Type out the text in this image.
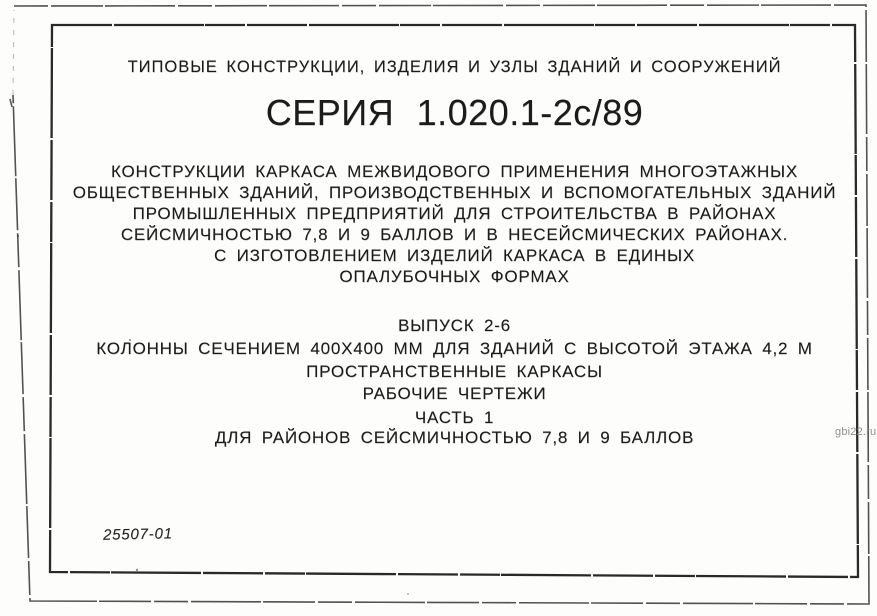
ТИПОВЫЕ КОНСТРУКЦИИ, ИЗДЕЛИЯ И УЗЛЫ ЗДАНИЙ И СООРУЖЕНИЙ
СЕРИЯ 1.020.1-2с/89
КОНСТРУКЦИИ КАРКАСА МЕЖВИДОВОГО ПРИМЕНЕНИЯ МНОГОЭТАЖНЫХ
ОБЩЕСТВЕННЫХ ЗДАНИЙ, ПРОИЗВОДСТВЕННЫХ И ВСПОМОГАТЕЛЬНЫХ ЗДАНИЙ
ПРОМЫШЛЕННЫХ ПРЕДПРИЯТИЙ ДЛЯ СТРОИТЕЛЬСТВА В РАЙОНАХ
СЕЙСМИЧНОСТЬЮ 7,8 И 9 БАЛЛОВ И В НЕСЕЙСМИЧЕСКИХ РАЙОНАХ.
С ИЗГОТОВЛЕНИЕМ ИЗДЕЛИЙ КАРКАСА В ЕДИНЫХ
ОПАЛУБОЧНЫХ ФОРМАХ
ВЫПУСК 2-6
КОЛОННЫ СЕЧЕНИЕМ 400Х400 ММ ДЛЯ ЗДАНИЙ С ВЫСОТОЙ ЭТАЖА 4,2 М
ПРОСТРАНСТВЕННЫЕ КАРКАСЫ
РАБОЧИЕ ЧЕРТЕЖИ
ЧАСТЬ 1
ДЛЯ РАЙОНОВ СЕЙСМИЧНОСТЬЮ 7,8 И 9 БАЛЛОВ
25507-01
gbi22.ru
